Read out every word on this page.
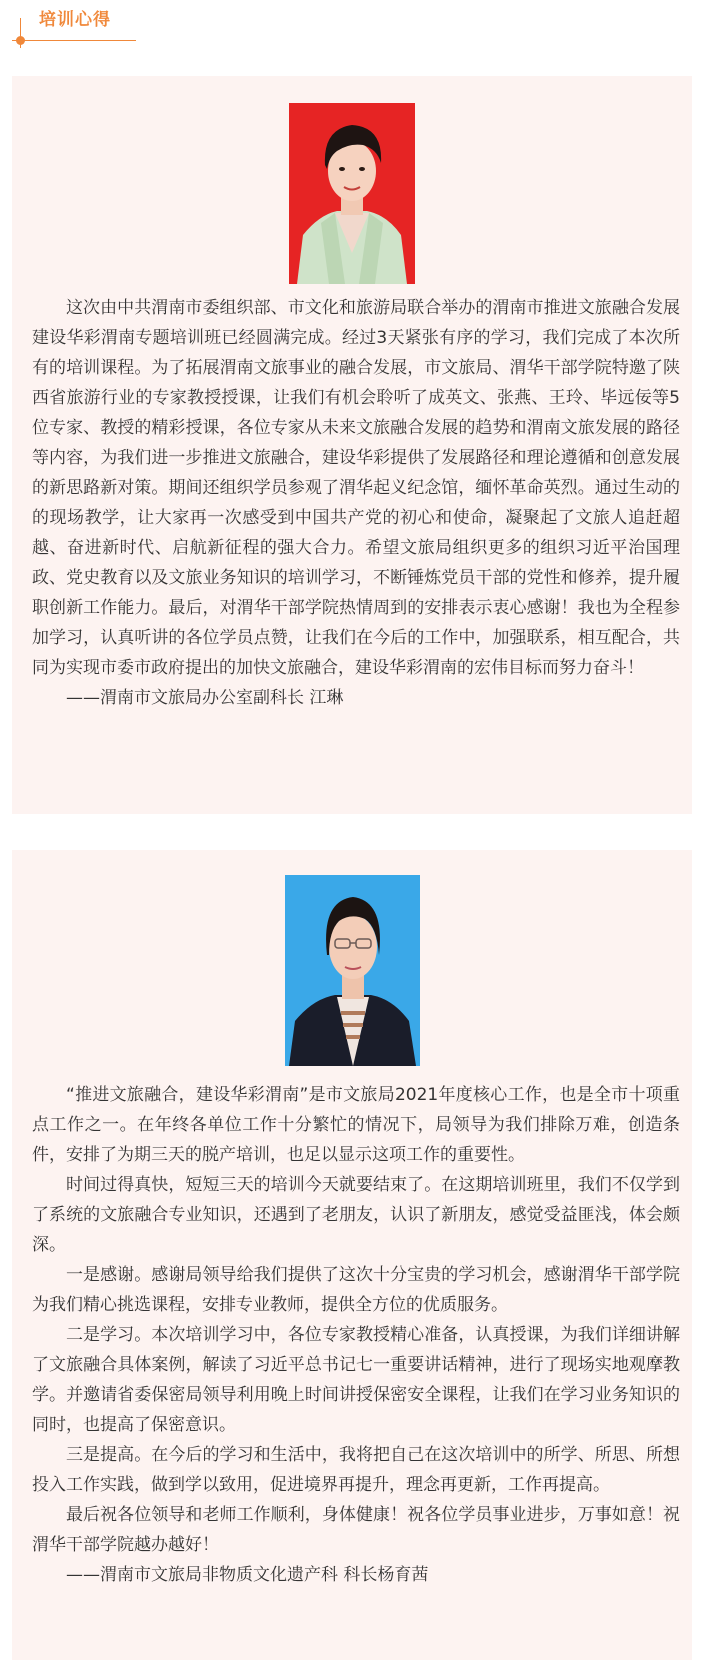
培训心得

这次由中共渭南市委组织部、市文化和旅游局联合举办的渭南市推进文旅融合发展建设华彩渭南专题培训班已经圆满完成。经过3天紧张有序的学习，我们完成了本次所有的培训课程。为了拓展渭南文旅事业的融合发展，市文旅局、渭华干部学院特邀了陕西省旅游行业的专家教授授课，让我们有机会聆听了成英文、张燕、王玲、毕远佞等5位专家、教授的精彩授课，各位专家从未来文旅融合发展的趋势和渭南文旅发展的路径等内容，为我们进一步推进文旅融合，建设华彩提供了发展路径和理论遵循和创意发展的新思路新对策。期间还组织学员参观了渭华起义纪念馆，缅怀革命英烈。通过生动的的现场教学，让大家再一次感受到中国共产党的初心和使命，凝聚起了文旅人追赶超越、奋进新时代、启航新征程的强大合力。希望文旅局组织更多的组织习近平治国理政、党史教育以及文旅业务知识的培训学习，不断锤炼党员干部的党性和修养，提升履职创新工作能力。最后，对渭华干部学院热情周到的安排表示衷心感谢！我也为全程参加学习，认真听讲的各位学员点赞，让我们在今后的工作中，加强联系，相互配合，共同为实现市委市政府提出的加快文旅融合，建设华彩渭南的宏伟目标而努力奋斗！

——渭南市文旅局办公室副科长 江琳

“推进文旅融合，建设华彩渭南”是市文旅局2021年度核心工作，也是全市十项重点工作之一。在年终各单位工作十分繁忙的情况下，局领导为我们排除万难，创造条件，安排了为期三天的脱产培训，也足以显示这项工作的重要性。

时间过得真快，短短三天的培训今天就要结束了。在这期培训班里，我们不仅学到了系统的文旅融合专业知识，还遇到了老朋友，认识了新朋友，感觉受益匪浅，体会颇深。

一是感谢。感谢局领导给我们提供了这次十分宝贵的学习机会，感谢渭华干部学院为我们精心挑选课程，安排专业教师，提供全方位的优质服务。

二是学习。本次培训学习中，各位专家教授精心准备，认真授课，为我们详细讲解了文旅融合具体案例，解读了习近平总书记七一重要讲话精神，进行了现场实地观摩教学。并邀请省委保密局领导利用晚上时间讲授保密安全课程，让我们在学习业务知识的同时，也提高了保密意识。

三是提高。在今后的学习和生活中，我将把自己在这次培训中的所学、所思、所想投入工作实践，做到学以致用，促进境界再提升，理念再更新，工作再提高。

最后祝各位领导和老师工作顺利，身体健康！祝各位学员事业进步，万事如意！祝渭华干部学院越办越好！

——渭南市文旅局非物质文化遗产科 科长杨育茜
